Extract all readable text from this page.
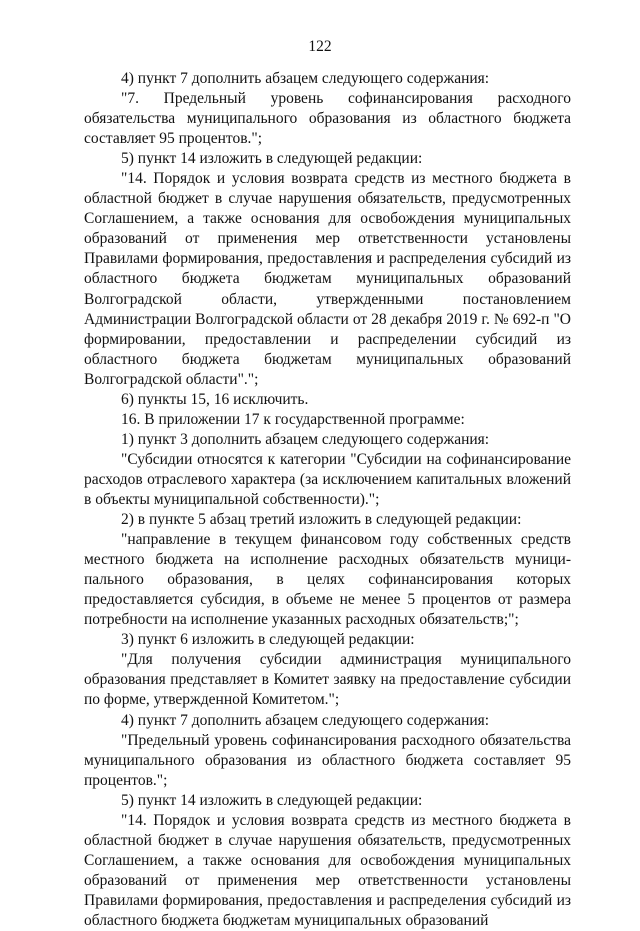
122

4) пункт 7 дополнить абзацем следующего содержания:

"7. Предельный уровень софинансирования расходного обязательства муниципального образования из областного бюджета составляет 95 процентов.";

5) пункт 14 изложить в следующей редакции:

"14. Порядок и условия возврата средств из местного бюджета в областной бюджет в случае нарушения обязательств, предусмотренных Соглашением, а также основания для освобождения муниципальных образований от применения мер ответственности установлены Правилами формирования, предоставления и распределения субсидий из областного бюджета бюджетам муниципальных образований Волгоградской области, утвержденными постановлением Администрации Волгоградской области от 28 декабря 2019 г. № 692-п "О формировании, предоставлении и распределении субсидий из областного бюджета бюджетам муниципальных образований Волгоградской области".";

6) пункты 15, 16 исключить.

16. В приложении 17 к государственной программе:

1) пункт 3 дополнить абзацем следующего содержания:

"Субсидии относятся к категории "Субсидии на софинансирование расходов отраслевого характера (за исключением капитальных вложений в объекты муниципальной собственности).";

2) в пункте 5 абзац третий изложить в следующей редакции:

"направление в текущем финансовом году собственных средств местного бюджета на исполнение расходных обязательств муниципального образования, в целях софинансирования которых предоставляется субсидия, в объеме не менее 5 процентов от размера потребности на исполнение указанных расходных обязательств;";

3) пункт 6 изложить в следующей редакции:

"Для получения субсидии администрация муниципального образования представляет в Комитет заявку на предоставление субсидии по форме, утвержденной Комитетом.";

4) пункт 7 дополнить абзацем следующего содержания:

"Предельный уровень софинансирования расходного обязательства муниципального образования из областного бюджета составляет 95 процентов.";

5) пункт 14 изложить в следующей редакции:

"14. Порядок и условия возврата средств из местного бюджета в областной бюджет в случае нарушения обязательств, предусмотренных Соглашением, а также основания для освобождения муниципальных образований от применения мер ответственности установлены Правилами формирования, предоставления и распределения субсидий из областного бюджета бюджетам муниципальных образований
